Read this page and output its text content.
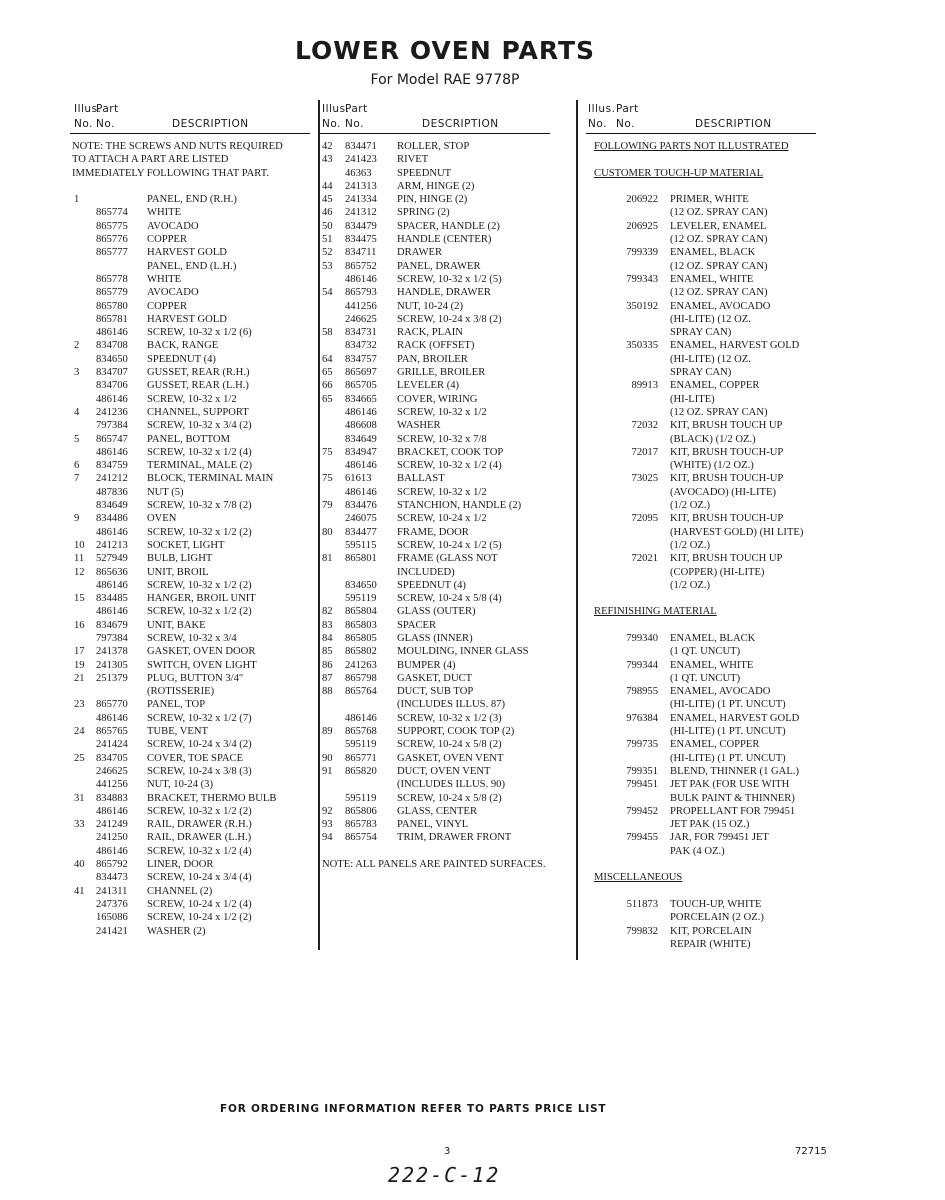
LOWER OVEN PARTS
For Model RAE 9778P
Illus.
Part
No. No.	DESCRIPTION
NOTE: THE SCREWS AND NUTS REQUIRED
TO ATTACH A PART ARE LISTED
IMMEDIATELY FOLLOWING THAT PART.
1	PANEL, END (R.H.)
865774 WHITE
865775 AVOCADO
865776 COPPER
865777 HARVEST GOLD
PANEL, END (L.H.)
865778 WHITE
865779 AVOCADO
865780 COPPER
865781 HARVEST GOLD
486146 SCREW, 10-32 x 1/2 (6)
2 834708 BACK, RANGE
834650 SPEEDNUT (4)
3 834707 GUSSET, REAR (R.H.)
834706 GUSSET, REAR (L.H.)
486146 SCREW, 10-32 x 1/2
4 241236 CHANNEL, SUPPORT
797384 SCREW, 10-32 x 3/4 (2)
5 865747 PANEL, BOTTOM
486146 SCREW, 10-32 x 1/2 (4)
6 834759 TERMINAL, MALE (2)
7 241212 BLOCK, TERMINAL MAIN
487836 NUT (5)
834649 SCREW, 10-32 x 7/8 (2)
9 834486 OVEN
486146 SCREW, 10-32 x 1/2 (2)
10 241213 SOCKET, LIGHT
11 527949 BULB, LIGHT
12 865636 UNIT, BROIL
486146 SCREW, 10-32 x 1/2 (2)
15 834485 HANGER, BROIL UNIT
486146 SCREW, 10-32 x 1/2 (2)
16 834679 UNIT, BAKE
797384 SCREW, 10-32 x 3/4
17 241378 GASKET, OVEN DOOR
19 241305 SWITCH, OVEN LIGHT
21 251379 PLUG, BUTTON 3/4"
(ROTISSERIE)
23 865770 PANEL, TOP
486146 SCREW, 10-32 x 1/2 (7)
24 865765 TUBE, VENT
241424 SCREW, 10-24 x 3/4 (2)
25 834705 COVER, TOE SPACE
246625 SCREW, 10-24 x 3/8 (3)
441256 NUT, 10-24 (3)
31 834883 BRACKET, THERMO BULB
486146 SCREW, 10-32 x 1/2 (2)
33 241249 RAIL, DRAWER (R.H.)
241250 RAIL, DRAWER (L.H.)
486146 SCREW, 10-32 x 1/2 (4)
40 865792 LINER, DOOR
834473 SCREW, 10-24 x 3/4 (4)
41 241311 CHANNEL (2)
247376 SCREW, 10-24 x 1/2 (4)
165086 SCREW, 10-24 x 1/2 (2)
241421 WASHER (2)
Illus.
Part
No. No.	DESCRIPTION
42 834471 ROLLER, STOP
43 241423 RIVET
46363 SPEEDNUT
44 241313 ARM, HINGE (2)
45 241334 PIN, HINGE (2)
46 241312 SPRING (2)
50 834479 SPACER, HANDLE (2)
51 834475 HANDLE (CENTER)
52 834711 DRAWER
53 865752 PANEL, DRAWER
486146 SCREW, 10-32 x 1/2 (5)
54 865793 HANDLE, DRAWER
441256 NUT, 10-24 (2)
246625 SCREW, 10-24 x 3/8 (2)
58 834731 RACK, PLAIN
834732 RACK (OFFSET)
64 834757 PAN, BROILER
65 865697 GRILLE, BROILER
66 865705 LEVELER (4)
65 834665 COVER, WIRING
486146 SCREW, 10-32 x 1/2
486608 WASHER
834649 SCREW, 10-32 x 7/8
75 834947 BRACKET, COOK TOP
486146 SCREW, 10-32 x 1/2 (4)
75 61613 BALLAST
486146 SCREW, 10-32 x 1/2
79 834476 STANCHION, HANDLE (2)
246075 SCREW, 10-24 x 1/2
80 834477 FRAME, DOOR
595115 SCREW, 10-24 x 1/2 (5)
81 865801 FRAME (GLASS NOT
INCLUDED)
834650 SPEEDNUT (4)
595119 SCREW, 10-24 x 5/8 (4)
82 865804 GLASS (OUTER)
83 865803 SPACER
84 865805 GLASS (INNER)
85 865802 MOULDING, INNER GLASS
86 241263 BUMPER (4)
87 865798 GASKET, DUCT
88 865764 DUCT, SUB TOP
(INCLUDES ILLUS. 87)
486146 SCREW, 10-32 x 1/2 (3)
89 865768 SUPPORT, COOK TOP (2)
595119 SCREW, 10-24 x 5/8 (2)
90 865771 GASKET, OVEN VENT
91 865820 DUCT, OVEN VENT
(INCLUDES ILLUS. 90)
595119 SCREW, 10-24 x 5/8 (2)
92 865806 GLASS, CENTER
93 865783 PANEL, VINYL
94 865754 TRIM, DRAWER FRONT
NOTE: ALL PANELS ARE PAINTED SURFACES.
Illus. Part
No. No.	DESCRIPTION
FOLLOWING PARTS NOT ILLUSTRATED
CUSTOMER TOUCH-UP MATERIAL
206922 PRIMER, WHITE
(12 OZ. SPRAY CAN)
206925 LEVELER, ENAMEL
(12 OZ. SPRAY CAN)
799339 ENAMEL, BLACK
(12 OZ. SPRAY CAN)
799343 ENAMEL, WHITE
(12 OZ. SPRAY CAN)
350192 ENAMEL, AVOCADO
(HI-LITE) (12 OZ.
SPRAY CAN)
350335 ENAMEL, HARVEST GOLD
(HI-LITE) (12 OZ.
SPRAY CAN)
89913 ENAMEL, COPPER
(HI-LITE)
(12 OZ. SPRAY CAN)
72032 KIT, BRUSH TOUCH UP
(BLACK) (1/2 OZ.)
72017 KIT, BRUSH TOUCH-UP
(WHITE) (1/2 OZ.)
73025 KIT, BRUSH TOUCH-UP
(AVOCADO) (HI-LITE)
(1/2 OZ.)
72095 KIT, BRUSH TOUCH-UP
(HARVEST GOLD) (HI LITE)
(1/2 OZ.)
72021 KIT, BRUSH TOUCH UP
(COPPER) (HI-LITE)
(1/2 OZ.)
REFINISHING MATERIAL
799340 ENAMEL, BLACK
(1 QT. UNCUT)
799344 ENAMEL, WHITE
(1 QT. UNCUT)
798955 ENAMEL, AVOCADO
(HI-LITE) (1 PT. UNCUT)
976384 ENAMEL, HARVEST GOLD
(HI-LITE) (1 PT. UNCUT)
799735 ENAMEL, COPPER
(HI-LITE) (1 PT. UNCUT)
799351 BLEND, THINNER (1 GAL.)
799451 JET PAK (FOR USE WITH
BULK PAINT & THINNER)
799452 PROPELLANT FOR 799451
JET PAK (15 OZ.)
799455 JAR, FOR 799451 JET
PAK (4 OZ.)
MISCELLANEOUS
511873 TOUCH-UP, WHITE
PORCELAIN (2 OZ.)
799832 KIT, PORCELAIN
REPAIR (WHITE)
FOR ORDERING INFORMATION REFER TO PARTS PRICE LIST
3	72715
222-C-12
